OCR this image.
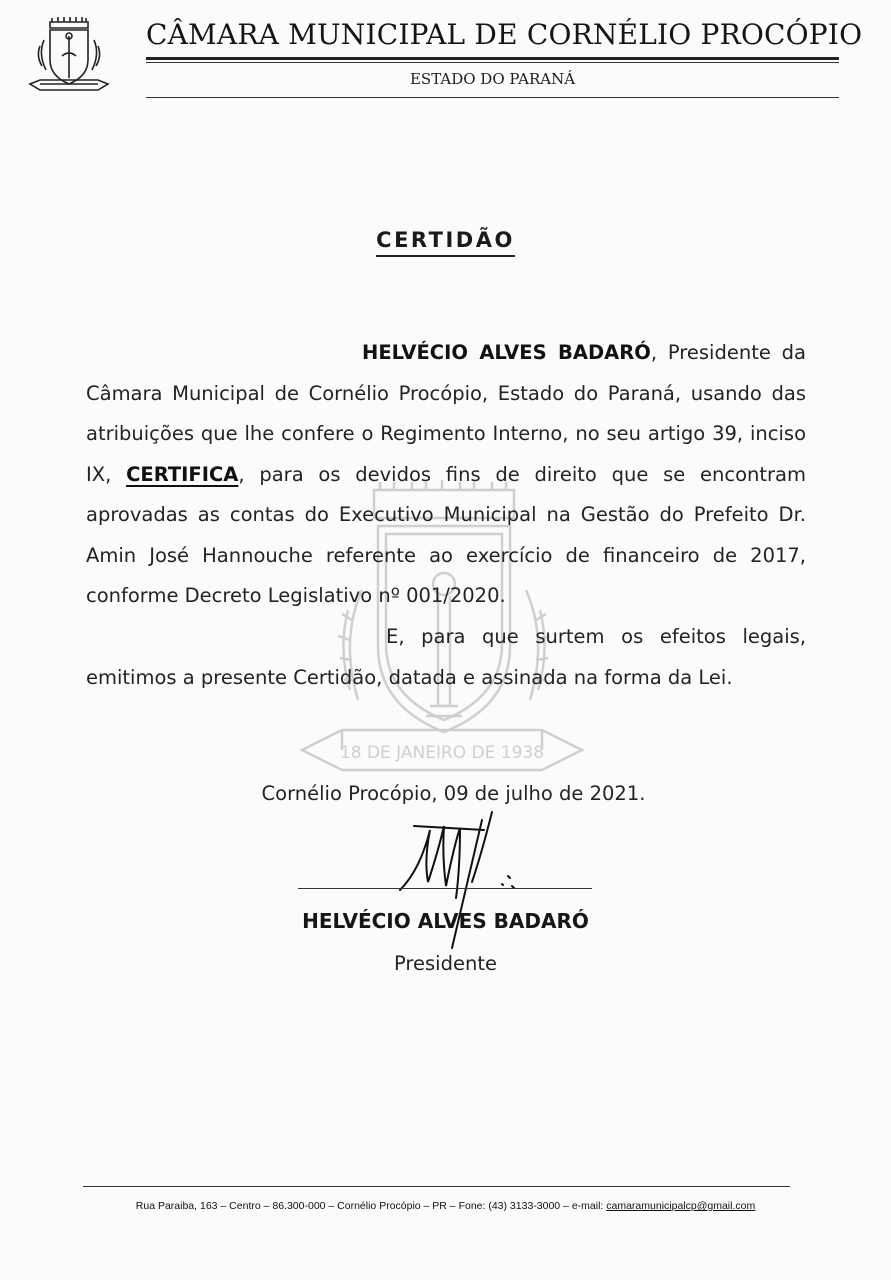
CÂMARA MUNICIPAL DE CORNÉLIO PROCÓPIO
ESTADO DO PARANÁ
18 DE JANEIRO DE 1938
CERTIDÃO
HELVÉCIO ALVES BADARÓ, Presidente da Câmara Municipal de Cornélio Procópio, Estado do Paraná, usando das atribuições que lhe confere o Regimento Interno, no seu artigo 39, inciso IX, CERTIFICA, para os devidos fins de direito que se encontram aprovadas as contas do Executivo Municipal na Gestão do Prefeito Dr. Amin José Hannouche referente ao exercício de financeiro de 2017, conforme Decreto Legislativo nº 001/2020.
E, para que surtem os efeitos legais, emitimos a presente Certidão, datada e assinada na forma da Lei.
Cornélio Procópio, 09 de julho de 2021.
HELVÉCIO ALVES BADARÓ
Presidente
Rua Paraiba, 163 – Centro – 86.300-000 – Cornélio Procópio – PR – Fone: (43) 3133-3000 – e-mail: camaramunicipalcp@gmail.com
